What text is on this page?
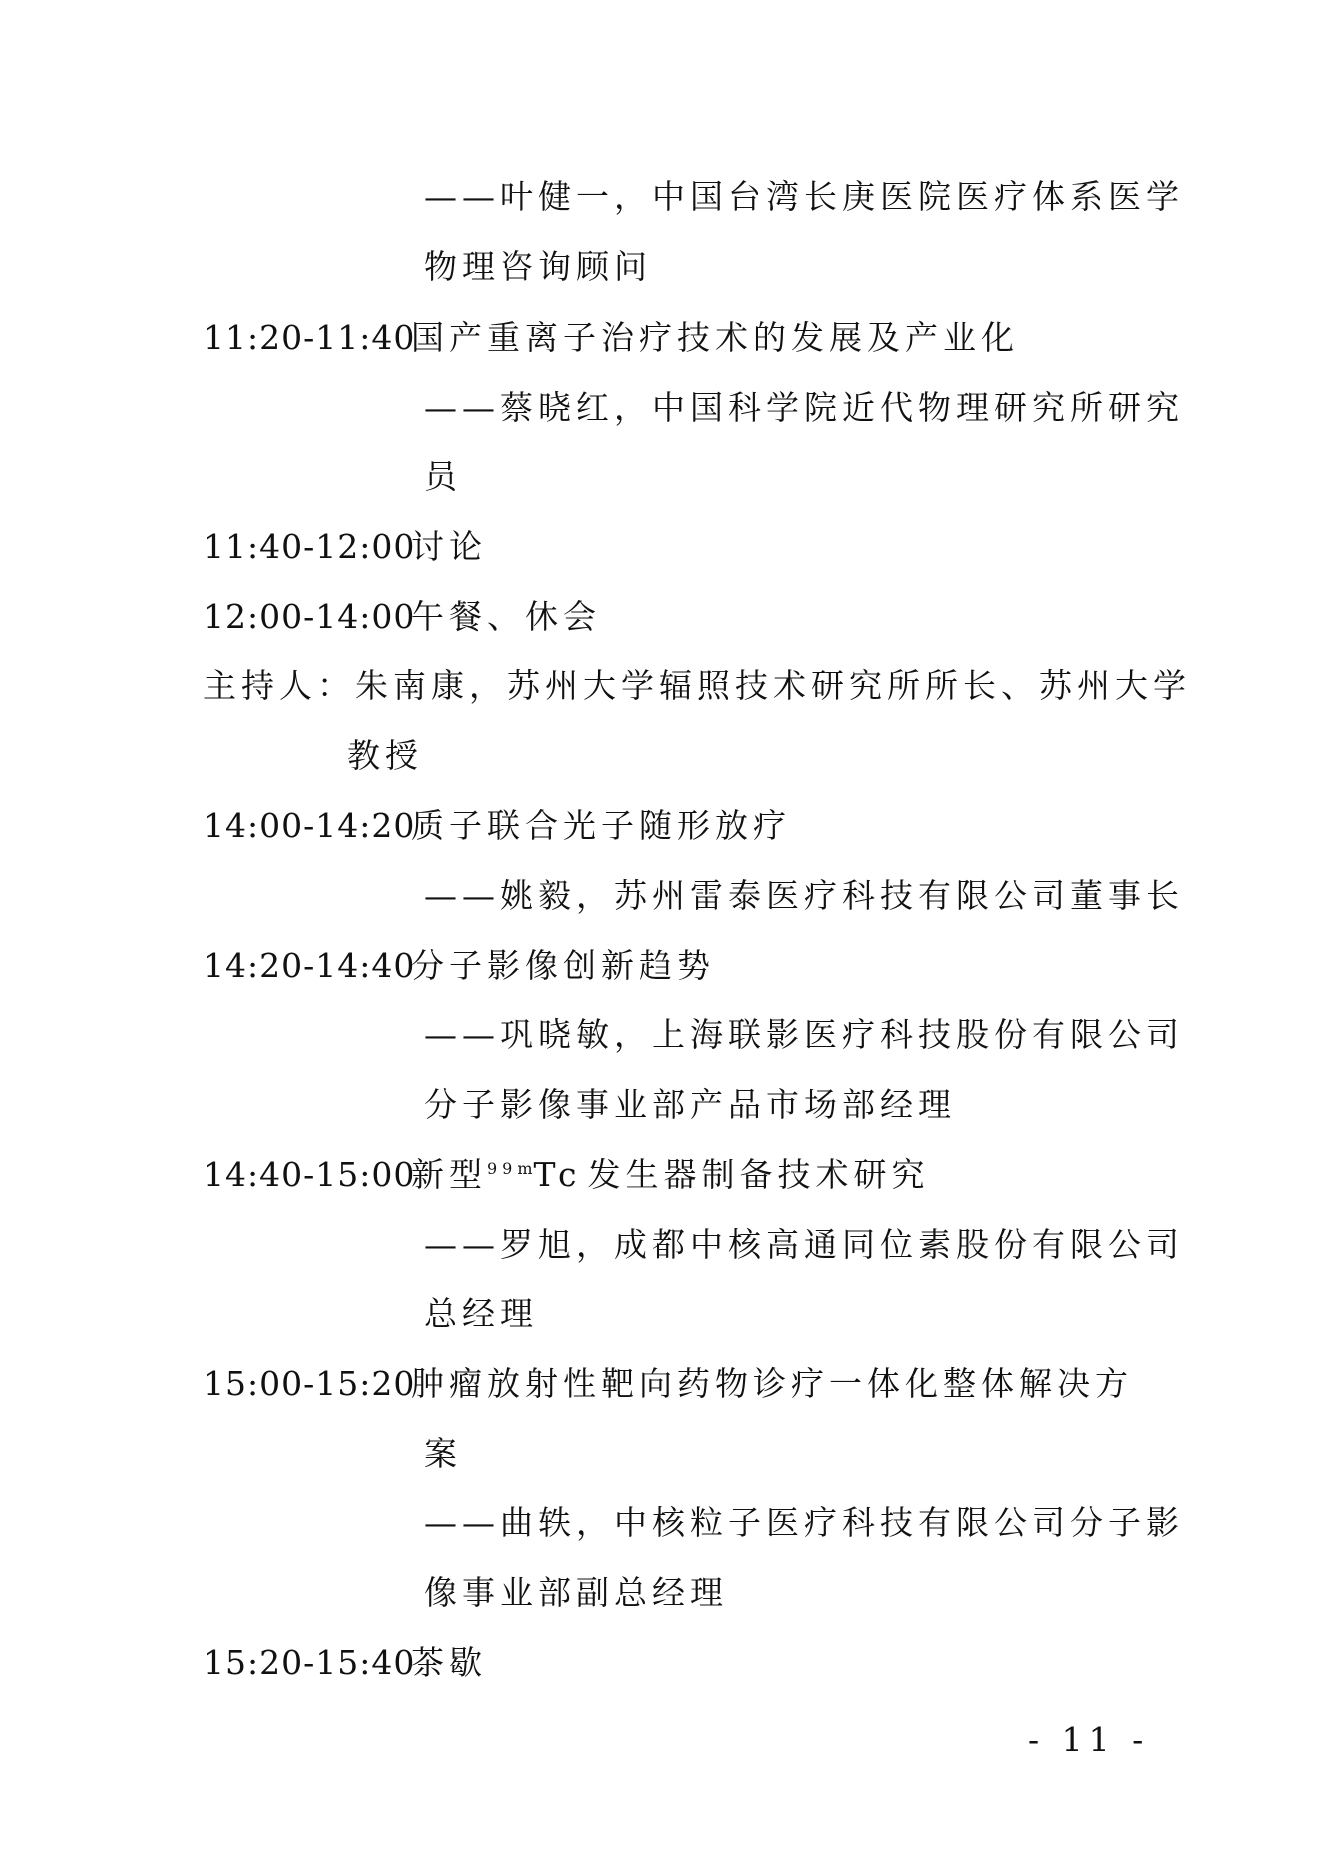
——叶健一，中国台湾长庚医院医疗体系医学
物理咨询顾问
11:20-11:40国产重离子治疗技术的发展及产业化
——蔡晓红，中国科学院近代物理研究所研究
员
11:40-12:00讨论
12:00-14:00午餐、休会
主持人：朱南康，苏州大学辐照技术研究所所长、苏州大学
教授
14:00-14:20质子联合光子随形放疗
——姚毅，苏州雷泰医疗科技有限公司董事长
14:20-14:40分子影像创新趋势
——巩晓敏，上海联影医疗科技股份有限公司
分子影像事业部产品市场部经理
14:40-15:00新型$^{99m}$Tc 发生器制备技术研究
——罗旭，成都中核高通同位素股份有限公司
总经理
15:00-15:20肿瘤放射性靶向药物诊疗一体化整体解决方
案
——曲轶，中核粒子医疗科技有限公司分子影
像事业部副总经理
15:20-15:40茶歇
- 11 -
